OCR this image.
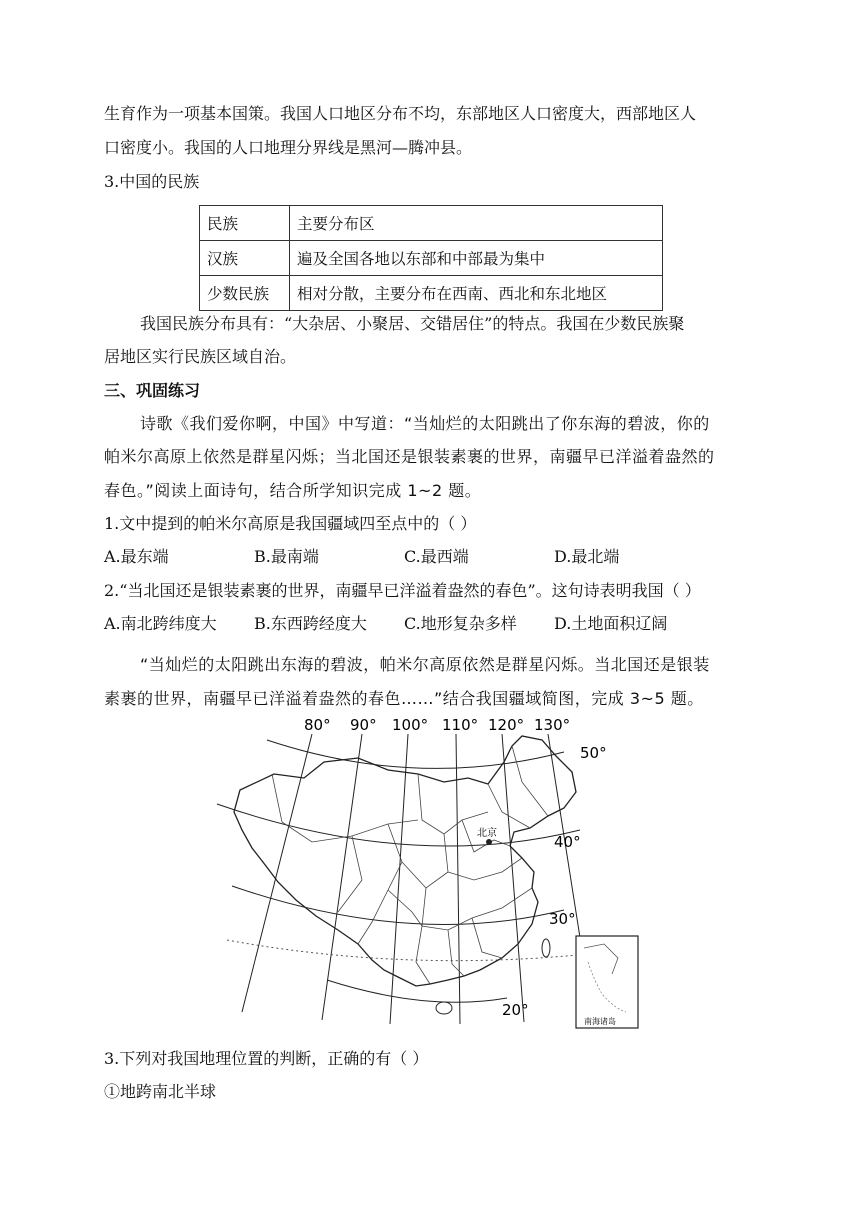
生育作为一项基本国策。我国人口地区分布不均，东部地区人口密度大，西部地区人
口密度小。我国的人口地理分界线是黑河—腾冲县。
3.中国的民族
民族	主要分布区
汉族	遍及全国各地以东部和中部最为集中
少数民族	相对分散，主要分布在西南、西北和东北地区
我国民族分布具有：“大杂居、小聚居、交错居住”的特点。我国在少数民族聚
居地区实行民族区域自治。
三、巩固练习
诗歌《我们爱你啊，中国》中写道：“当灿烂的太阳跳出了你东海的碧波，你的
帕米尔高原上依然是群星闪烁；当北国还是银装素裹的世界，南疆早已洋溢着盎然的
春色。”阅读上面诗句，结合所学知识完成 1~2 题。
1.文中提到的帕米尔高原是我国疆域四至点中的（ ）
A.最东端	B.最南端	C.最西端	D.最北端
2.“当北国还是银装素裹的世界，南疆早已洋溢着盎然的春色”。这句诗表明我国（ ）
A.南北跨纬度大 B.东西跨经度大 C.地形复杂多样 D.土地面积辽阔
“当灿烂的太阳跳出东海的碧波，帕米尔高原依然是群星闪烁。当北国还是银装
素裹的世界，南疆早已洋溢着盎然的春色……”结合我国疆域简图，完成 3~5 题。
80° 90° 100° 110° 120° 130°
50°
40°
30°
20°
北京
南海诸岛
3.下列对我国地理位置的判断，正确的有（ ）
①地跨南北半球
